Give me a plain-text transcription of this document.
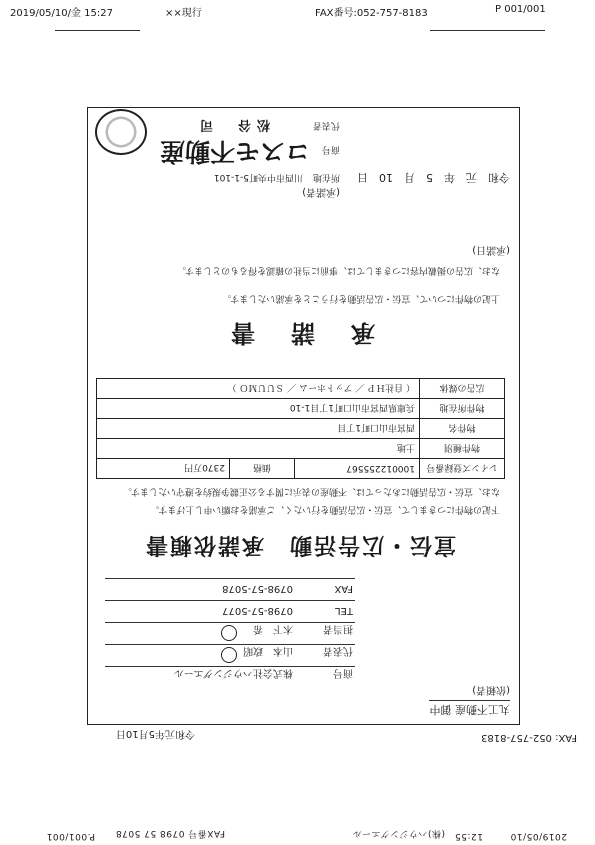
2019/05/10/金 15:27	××現行	FAX番号:052-757-8183	P 001/001
2019/05/10
12:55
(株)ハウジングエール
FAX番号 0798 57 5078
P.001/001
FAX: 052-757-8183
令和元年5月10日
丸工不動産 御中
(依頼者)
商号
株式会社ハウジングエール
代表者
山本　政昭
担当者
木下　希
TEL
0798-57-5077
FAX
0798-57-5078
宣伝・広告活動　承諾依頼書
下記の物件につきまして、宣伝・広告活動を行いたく、ご承諾をお願い申し上げます。
なお、宣伝・広告活動にあたっては、不動産の表示に関する公正競争規約を遵守いたします。
レインズ登録番号	100012255567	価格	2370万円
物件種別	土地		
物件名	西宮市山口町1丁目		
物件所在地	兵庫県西宮市山口町1丁目1-10		
広告の媒体	（ 自社ＨＰ ／ アットホーム ／ ＳＵＵＭＯ ）		
承　諾　書
上記の物件について、宣伝・広告活動を行うことを承諾いたします。
なお、広告の掲載内容につきましては、事前に当社の確認を得るものとします。
(承諾日)
(承諾者)
令和　元　年　5　月　10　日
所在地
川西市中央町5-1-101
商号
コスモ不動産
代表者
松谷　司
